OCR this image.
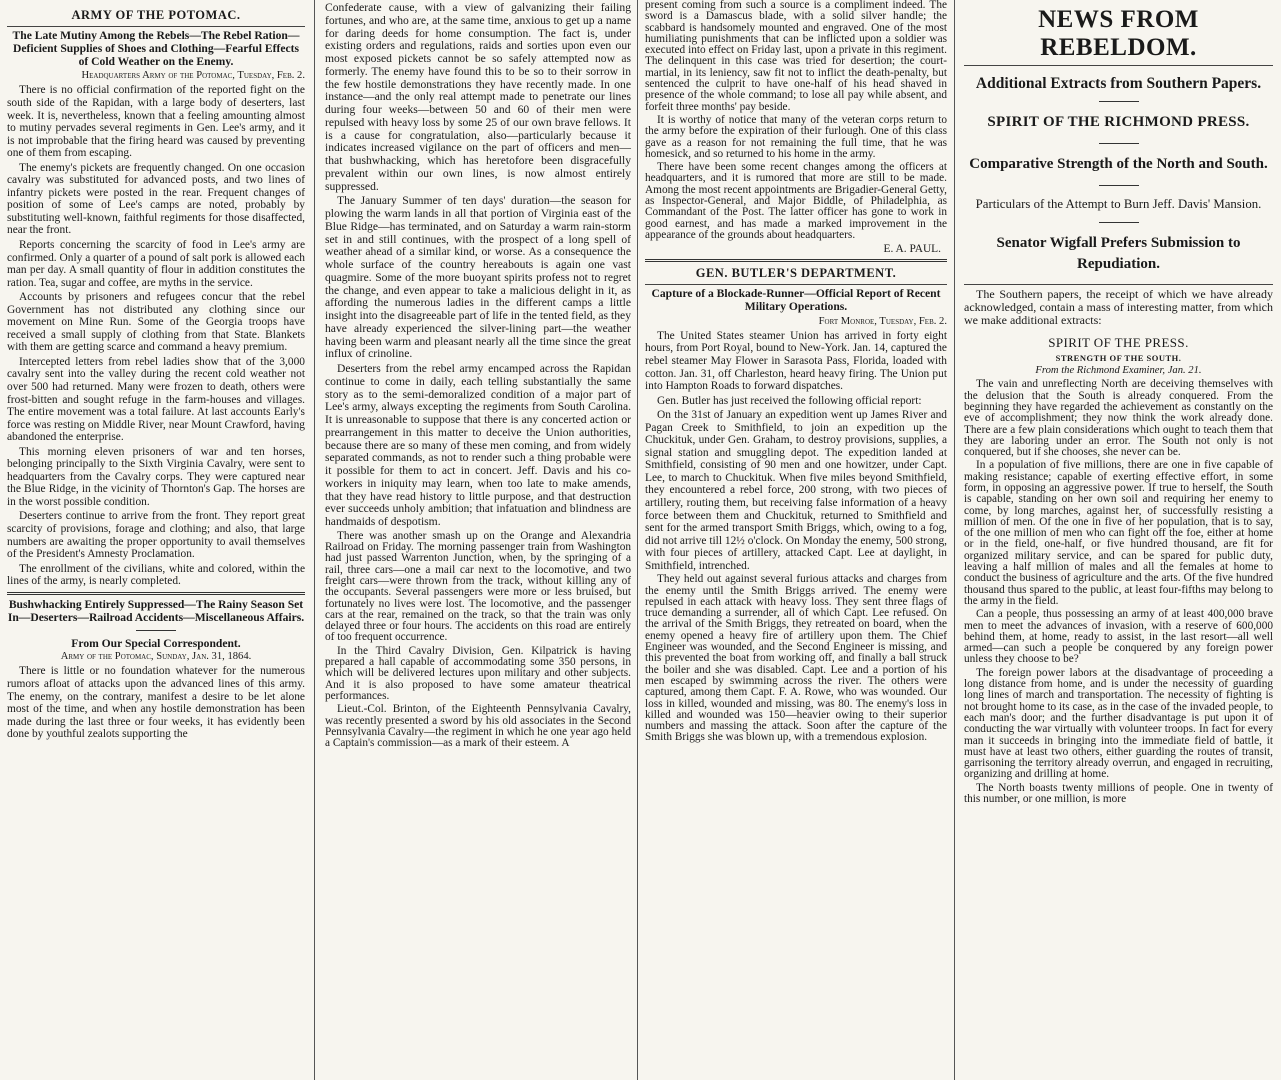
ARMY OF THE POTOMAC.
The Late Mutiny Among the Rebels—The Rebel Ration—Deficient Supplies of Shoes and Clothing—Fearful Effects of Cold Weather on the Enemy.
Headquarters Army of the Potomac, Tuesday, Feb. 2.

There is no official confirmation of the reported fight on the south side of the Rapidan, with a large body of deserters, last week. It is, nevertheless, known that a feeling amounting almost to mutiny pervades several regiments in Gen. Lee's army, and it is not improbable that the firing heard was caused by preventing one of them from escaping.

The enemy's pickets are frequently changed. On one occasion cavalry was substituted for advanced posts, and two lines of infantry pickets were posted in the rear. Frequent changes of position of some of Lee's camps are noted, probably by substituting well-known, faithful regiments for those disaffected, near the front.

Reports concerning the scarcity of food in Lee's army are confirmed. Only a quarter of a pound of salt pork is allowed each man per day. A small quantity of flour in addition constitutes the ration. Tea, sugar and coffee, are myths in the service.

Accounts by prisoners and refugees concur that the rebel Government has not distributed any clothing since our movement on Mine Run. Some of the Georgia troops have received a small supply of clothing from that State. Blankets with them are getting scarce and command a heavy premium.

Intercepted letters from rebel ladies show that of the 3,000 cavalry sent into the valley during the recent cold weather not over 500 had returned. Many were frozen to death, others were frost-bitten and sought refuge in the farm-houses and villages. The entire movement was a total failure. At last accounts Early's force was resting on Middle River, near Mount Crawford, having abandoned the enterprise.

This morning eleven prisoners of war and ten horses, belonging principally to the Sixth Virginia Cavalry, were sent to headquarters from the Cavalry corps. They were captured near the Blue Ridge, in the vicinity of Thornton's Gap. The horses are in the worst possible condition.

Deserters continue to arrive from the front. They report great scarcity of provisions, forage and clothing; and also, that large numbers are awaiting the proper opportunity to avail themselves of the President's Amnesty Proclamation.

The enrollment of the civilians, white and colored, within the lines of the army, is nearly completed.

Bushwhacking Entirely Suppressed—The Rainy Season Set In—Deserters—Railroad Accidents—Miscellaneous Affairs.
From Our Special Correspondent.
Army of the Potomac, Sunday, Jan. 31, 1864.

There is little or no foundation whatever for the numerous rumors afloat of attacks upon the advanced lines of this army. The enemy, on the contrary, manifest a desire to be let alone most of the time, and when any hostile demonstration has been made during the last three or four weeks, it has evidently been done by youthful zealots supporting the

Confederate cause, with a view of galvanizing their failing fortunes, and who are, at the same time, anxious to get up a name for daring deeds for home consumption. The fact is, under existing orders and regulations, raids and sorties upon even our most exposed pickets cannot be so safely attempted now as formerly. The enemy have found this to be so to their sorrow in the few hostile demonstrations they have recently made. In one instance—and the only real attempt made to penetrate our lines during four weeks—between 50 and 60 of their men were repulsed with heavy loss by some 25 of our own brave fellows. It is a cause for congratulation, also—particularly because it indicates increased vigilance on the part of officers and men—that bushwhacking, which has heretofore been disgracefully prevalent within our own lines, is now almost entirely suppressed.

The January Summer of ten days' duration—the season for plowing the warm lands in all that portion of Virginia east of the Blue Ridge—has terminated, and on Saturday a warm rain-storm set in and still continues, with the prospect of a long spell of weather ahead of a similar kind, or worse. As a consequence the whole surface of the country hereabouts is again one vast quagmire. Some of the more buoyant spirits profess not to regret the change, and even appear to take a malicious delight in it, as affording the numerous ladies in the different camps a little insight into the disagreeable part of life in the tented field, as they have already experienced the silver-lining part—the weather having been warm and pleasant nearly all the time since the great influx of crinoline.

Deserters from the rebel army encamped across the Rapidan continue to come in daily, each telling substantially the same story as to the semi-demoralized condition of a major part of Lee's army, always excepting the regiments from South Carolina. It is unreasonable to suppose that there is any concerted action or prearrangement in this matter to deceive the Union authorities, because there are so many of these men coming, and from widely separated commands, as not to render such a thing probable were it possible for them to act in concert. Jeff. Davis and his co-workers in iniquity may learn, when too late to make amends, that they have read history to little purpose, and that destruction ever succeeds unholy ambition; that infatuation and blindness are handmaids of despotism.

There was another smash up on the Orange and Alexandria Railroad on Friday. The morning passenger train from Washington had just passed Warrenton Junction, when, by the springing of a rail, three cars—one a mail car next to the locomotive, and two freight cars—were thrown from the track, without killing any of the occupants. Several passengers were more or less bruised, but fortunately no lives were lost. The locomotive, and the passenger cars at the rear, remained on the track, so that the train was only delayed three or four hours. The accidents on this road are entirely of too frequent occurrence.

In the Third Cavalry Division, Gen. Kilpatrick is having prepared a hall capable of accommodating some 350 persons, in which will be delivered lectures upon military and other subjects. And it is also proposed to have some amateur theatrical performances.

Lieut.-Col. Brinton, of the Eighteenth Pennsylvania Cavalry, was recently presented a sword by his old associates in the Second Pennsylvania Cavalry—the regiment in which he one year ago held a Captain's commission—as a mark of their esteem. A

present coming from such a source is a compliment indeed. The sword is a Damascus blade, with a solid silver handle; the scabbard is handsomely mounted and engraved. One of the most humiliating punishments that can be inflicted upon a soldier was executed into effect on Friday last, upon a private in this regiment. The delinquent in this case was tried for desertion; the court-martial, in its leniency, saw fit not to inflict the death-penalty, but sentenced the culprit to have one-half of his head shaved in presence of the whole command; to lose all pay while absent, and forfeit three months' pay beside.

It is worthy of notice that many of the veteran corps return to the army before the expiration of their furlough. One of this class gave as a reason for not remaining the full time, that he was homesick, and so returned to his home in the army.

There have been some recent changes among the officers at headquarters, and it is rumored that more are still to be made. Among the most recent appointments are Brigadier-General Getty, as Inspector-General, and Major Biddle, of Philadelphia, as Commandant of the Post. The latter officer has gone to work in good earnest, and has made a marked improvement in the appearance of the grounds about headquarters.

E. A. PAUL.
GEN. BUTLER'S DEPARTMENT.
Capture of a Blockade-Runner—Official Report of Recent Military Operations.
Fort Monroe, Tuesday, Feb. 2.

The United States steamer Union has arrived in forty eight hours, from Port Royal, bound to New-York. Jan. 14, captured the rebel steamer May Flower in Sarasota Pass, Florida, loaded with cotton. Jan. 31, off Charleston, heard heavy firing. The Union put into Hampton Roads to forward dispatches.

Gen. Butler has just received the following official report:

On the 31st of January an expedition went up James River and Pagan Creek to Smithfield, to join an expedition up the Chuckituk, under Gen. Graham, to destroy provisions, supplies, a signal station and smuggling depot. The expedition landed at Smithfield, consisting of 90 men and one howitzer, under Capt. Lee, to march to Chuckituk. When five miles beyond Smithfield, they encountered a rebel force, 200 strong, with two pieces of artillery, routing them, but receiving false information of a heavy force between them and Chuckituk, returned to Smithfield and sent for the armed transport Smith Briggs, which, owing to a fog, did not arrive till 12½ o'clock. On Monday the enemy, 500 strong, with four pieces of artillery, attacked Capt. Lee at daylight, in Smithfield, intrenched.

They held out against several furious attacks and charges from the enemy until the Smith Briggs arrived. The enemy were repulsed in each attack with heavy loss. They sent three flags of truce demanding a surrender, all of which Capt. Lee refused. On the arrival of the Smith Briggs, they retreated on board, when the enemy opened a heavy fire of artillery upon them. The Chief Engineer was wounded, and the Second Engineer is missing, and this prevented the boat from working off, and finally a ball struck the boiler and she was disabled. Capt. Lee and a portion of his men escaped by swimming across the river. The others were captured, among them Capt. F. A. Rowe, who was wounded. Our loss in killed, wounded and missing, was 80. The enemy's loss in killed and wounded was 150—heavier owing to their superior numbers and massing the attack. Soon after the capture of the Smith Briggs she was blown up, with a tremendous explosion.

NEWS FROM REBELDOM.
Additional Extracts from Southern Papers.
SPIRIT OF THE RICHMOND PRESS.
Comparative Strength of the North and South.
Particulars of the Attempt to Burn Jeff. Davis' Mansion.
Senator Wigfall Prefers Submission to Repudiation.

The Southern papers, the receipt of which we have already acknowledged, contain a mass of interesting matter, from which we make additional extracts:

SPIRIT OF THE PRESS.
STRENGTH OF THE SOUTH.
From the Richmond Examiner, Jan. 21.

The vain and unreflecting North are deceiving themselves with the delusion that the South is already conquered. From the beginning they have regarded the achievement as constantly on the eve of accomplishment; they now think the work already done. There are a few plain considerations which ought to teach them that they are laboring under an error. The South not only is not conquered, but if she chooses, she never can be.

In a population of five millions, there are one in five capable of making resistance; capable of exerting effective effort, in some form, in opposing an aggressive power. If true to herself, the South is capable, standing on her own soil and requiring her enemy to come, by long marches, against her, of successfully resisting a million of men. Of the one in five of her population, that is to say, of the one million of men who can fight off the foe, either at home or in the field, one-half, or five hundred thousand, are fit for organized military service, and can be spared for public duty, leaving a half million of males and all the females at home to conduct the business of agriculture and the arts. Of the five hundred thousand thus spared to the public, at least four-fifths may belong to the army in the field.

Can a people, thus possessing an army of at least 400,000 brave men to meet the advances of invasion, with a reserve of 600,000 behind them, at home, ready to assist, in the last resort—all well armed—can such a people be conquered by any foreign power unless they choose to be?

The foreign power labors at the disadvantage of proceeding a long distance from home, and is under the necessity of guarding long lines of march and transportation. The necessity of fighting is not brought home to its case, as in the case of the invaded people, to each man's door; and the further disadvantage is put upon it of conducting the war virtually with volunteer troops. In fact for every man it succeeds in bringing into the immediate field of battle, it must have at least two others, either guarding the routes of transit, garrisoning the territory already overrun, and engaged in recruiting, organizing and drilling at home.

The North boasts twenty millions of people. One in twenty of this number, or one million, is more
